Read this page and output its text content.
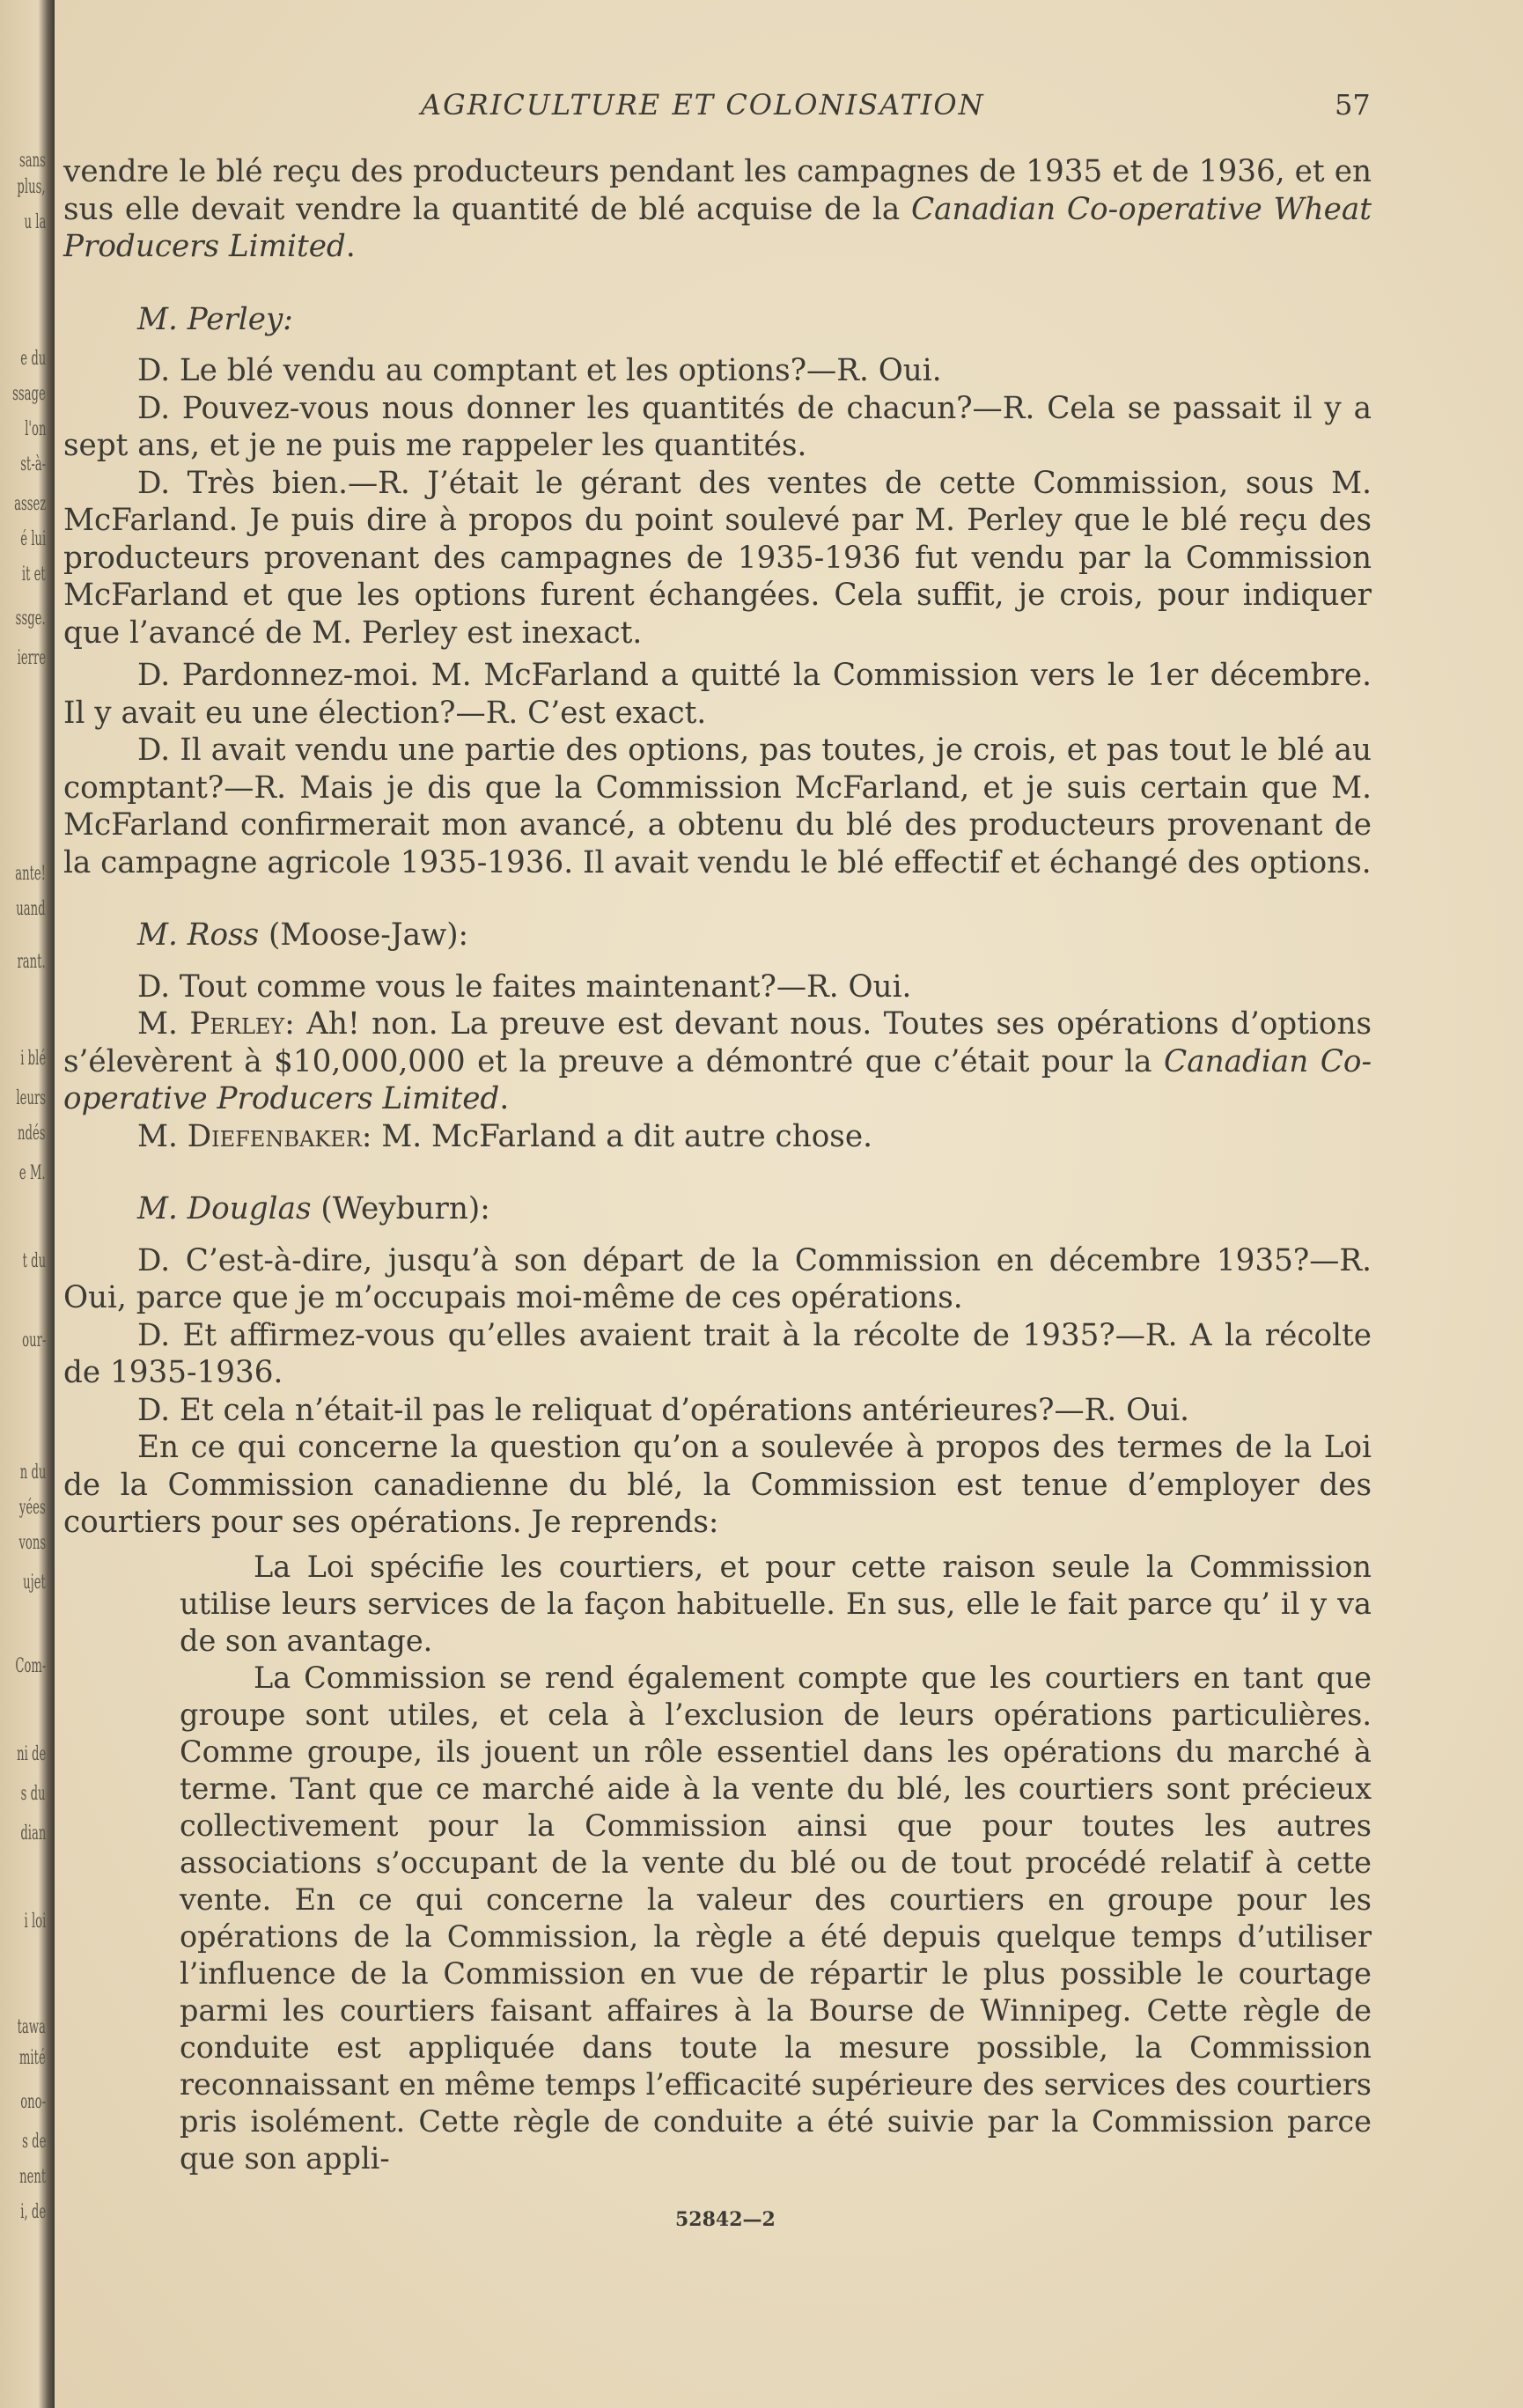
sans
plus,
u la
e du
ssage
l'on
st-à-
assez
é lui
it et
ssge.
ierre
ante!
uand
rant.
i blé
leurs
ndés
e M.
t du
our-
n du
yées
vons
ujet
Com-
ni de
s du
dian
i loi
tawa
mité
ono-
s de
nent
i, de
AGRICULTURE ET COLONISATION	57

vendre le blé reçu des producteurs pendant les campagnes de 1935 et de 1936, et en sus elle devait vendre la quantité de blé acquise de la Canadian Co-operative Wheat Producers Limited.

M. Perley:

D. Le blé vendu au comptant et les options?—R. Oui.

D. Pouvez-vous nous donner les quantités de chacun?—R. Cela se passait il y a sept ans, et je ne puis me rappeler les quantités.

D. Très bien.—R. J’était le gérant des ventes de cette Commission, sous M. McFarland. Je puis dire à propos du point soulevé par M. Perley que le blé reçu des producteurs provenant des campagnes de 1935-1936 fut vendu par la Commission McFarland et que les options furent échangées. Cela suffit, je crois, pour indiquer que l’avancé de M. Perley est inexact.

D. Pardonnez-moi. M. McFarland a quitté la Commission vers le 1er décembre. Il y avait eu une élection?—R. C’est exact.

D. Il avait vendu une partie des options, pas toutes, je crois, et pas tout le blé au comptant?—R. Mais je dis que la Commission McFarland, et je suis certain que M. McFarland confirmerait mon avancé, a obtenu du blé des producteurs provenant de la campagne agricole 1935-1936. Il avait vendu le blé effectif et échangé des options.

M. Ross (Moose-Jaw):

D. Tout comme vous le faites maintenant?—R. Oui.

M. Perley: Ah! non. La preuve est devant nous. Toutes ses opérations d’options s’élevèrent à $10,000,000 et la preuve a démontré que c’était pour la Canadian Co-operative Producers Limited.

M. Diefenbaker: M. McFarland a dit autre chose.

M. Douglas (Weyburn):

D. C’est-à-dire, jusqu’à son départ de la Commission en décembre 1935?—R. Oui, parce que je m’occupais moi-même de ces opérations.

D. Et affirmez-vous qu’elles avaient trait à la récolte de 1935?—R. A la récolte de 1935-1936.

D. Et cela n’était-il pas le reliquat d’opérations antérieures?—R. Oui.

En ce qui concerne la question qu’on a soulevée à propos des termes de la Loi de la Commission canadienne du blé, la Commission est tenue d’employer des courtiers pour ses opérations. Je reprends:

La Loi spécifie les courtiers, et pour cette raison seule la Commission utilise leurs services de la façon habituelle. En sus, elle le fait parce qu’ il y va de son avantage.

La Commission se rend également compte que les courtiers en tant que groupe sont utiles, et cela à l’exclusion de leurs opérations particulières. Comme groupe, ils jouent un rôle essentiel dans les opérations du marché à terme. Tant que ce marché aide à la vente du blé, les courtiers sont précieux collectivement pour la Commission ainsi que pour toutes les autres associations s’occupant de la vente du blé ou de tout procédé relatif à cette vente. En ce qui concerne la valeur des courtiers en groupe pour les opérations de la Commission, la règle a été depuis quelque temps d’utiliser l’influence de la Commission en vue de répartir le plus possible le courtage parmi les courtiers faisant affaires à la Bourse de Winnipeg. Cette règle de conduite est appliquée dans toute la mesure possible, la Commission reconnaissant en même temps l’efficacité supérieure des services des courtiers pris isolément. Cette règle de conduite a été suivie par la Commission parce que son appli-

52842—2
